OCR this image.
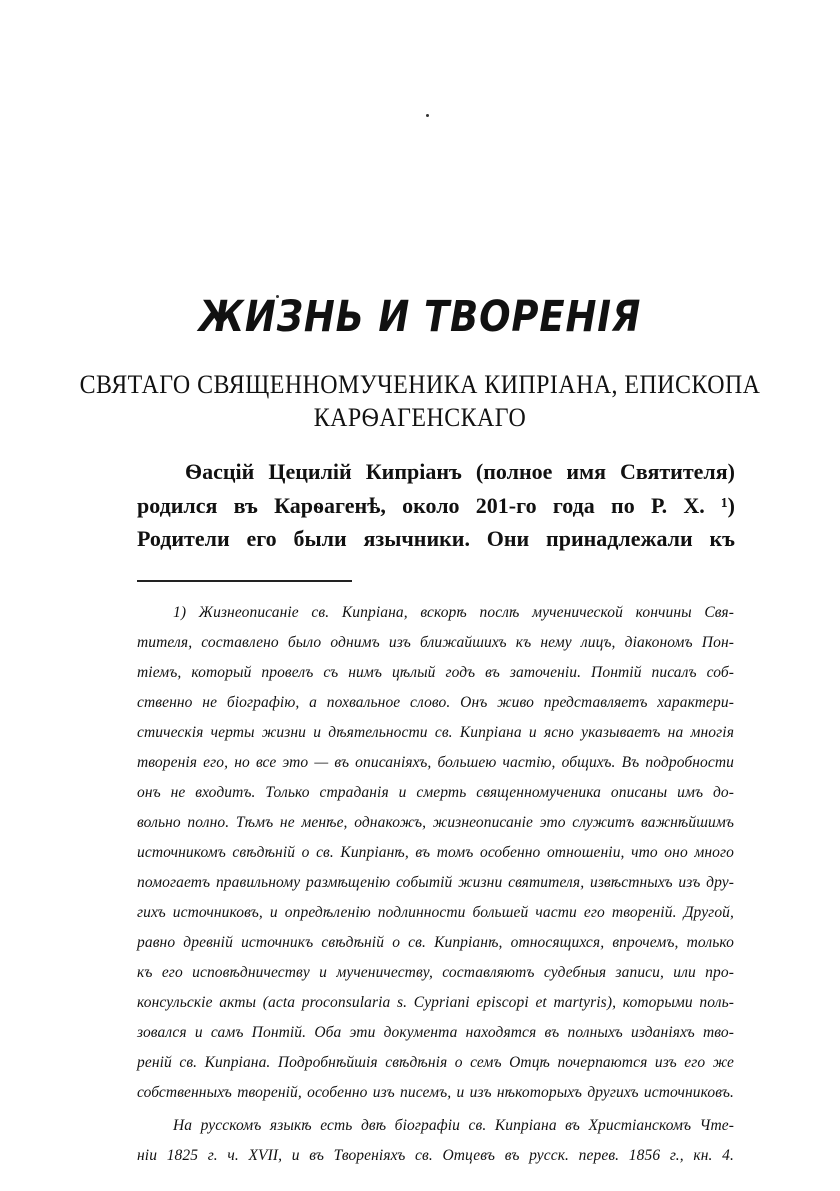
ЖИЗНЬ И ТВОРЕНІЯ
СВЯТАГО СВЯЩЕННОМУЧЕНИКА КИПРІАНА, ЕПИСКОПА
КАРѲАГЕНСКАГО
Ѳасцій Цецилій Кипріанъ (полное имя Святителя)
родился въ Карѳагенѣ, около 201-го года по Р. Х. ¹)
Родители его были язычники. Они принадлежали къ
1) Жизнеописаніе св. Кипріана, вскорѣ послѣ мученической кончины Свя-
тителя, составлено было однимъ изъ ближайшихъ къ нему лицъ, діакономъ Пон-
тіемъ, который провелъ съ нимъ цѣлый годъ въ заточеніи. Понтій писалъ соб-
ственно не біографію, а похвальное слово. Онъ живо представляетъ характери-
стическія черты жизни и дѣятельности св. Кипріана и ясно указываетъ на многія
творенія его, но все это — въ описаніяхъ, большею частію, общихъ. Въ подробности
онъ не входитъ. Только страданія и смерть священномученика описаны имъ до-
вольно полно. Тѣмъ не менѣе, однакожъ, жизнеописаніе это служитъ важнѣйшимъ
источникомъ свѣдѣній о св. Кипріанѣ, въ томъ особенно отношеніи, что оно много
помогаетъ правильному размѣщенію событій жизни святителя, извѣстныхъ изъ дру-
гихъ источниковъ, и опредѣленію подлинности большей части его твореній. Другой,
равно древній источникъ свѣдѣній о св. Кипріанѣ, относящихся, впрочемъ, только
къ его исповѣдничеству и мученичеству, составляютъ судебныя записи, или про-
консульскіе акты (acta proconsularia s. Cypriani episcopi et martyris), которыми поль-
зовался и самъ Понтій. Оба эти документа находятся въ полныхъ изданіяхъ тво-
реній св. Кипріана. Подробнѣйшія свѣдѣнія о семъ Отцѣ почерпаются изъ его же
собственныхъ твореній, особенно изъ писемъ, и изъ нѣкоторыхъ другихъ источниковъ.
На русскомъ языкѣ есть двѣ біографіи св. Кипріана въ Христіанскомъ Чте-
ніи 1825 г. ч. XVII, и въ Твореніяхъ св. Отцевъ въ русск. перев. 1856 г., кн. 4.
